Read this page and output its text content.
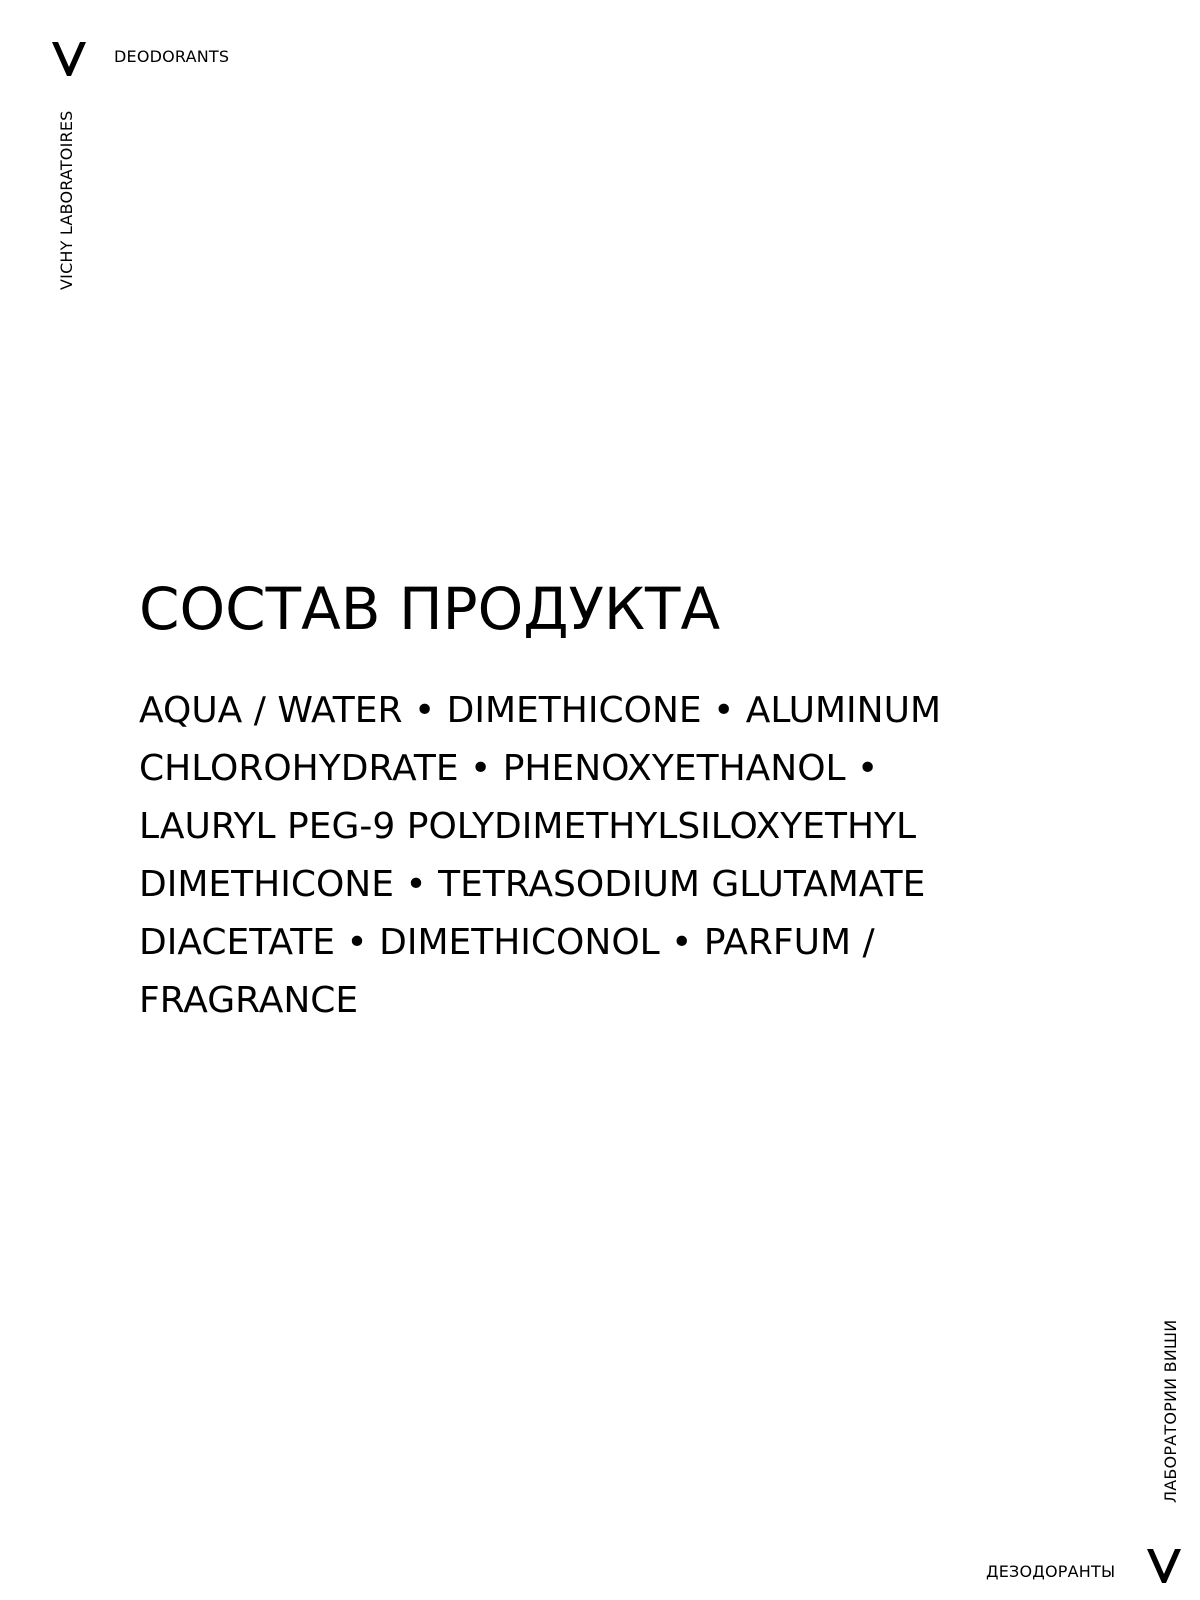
DEODORANTS
VICHY LABORATOIRES
СОСТАВ ПРОДУКТА

AQUA / WATER • DIMETHICONE • ALUMINUM
CHLOROHYDRATE • PHENOXYETHANOL •
LAURYL PEG-9 POLYDIMETHYLSILOXYETHYL
DIMETHICONE • TETRASODIUM GLUTAMATE
DIACETATE • DIMETHICONOL • PARFUM /
FRAGRANCE

ЛАБОРАТОРИИ ВИШИ
ДЕЗОДОРАНТЫ
